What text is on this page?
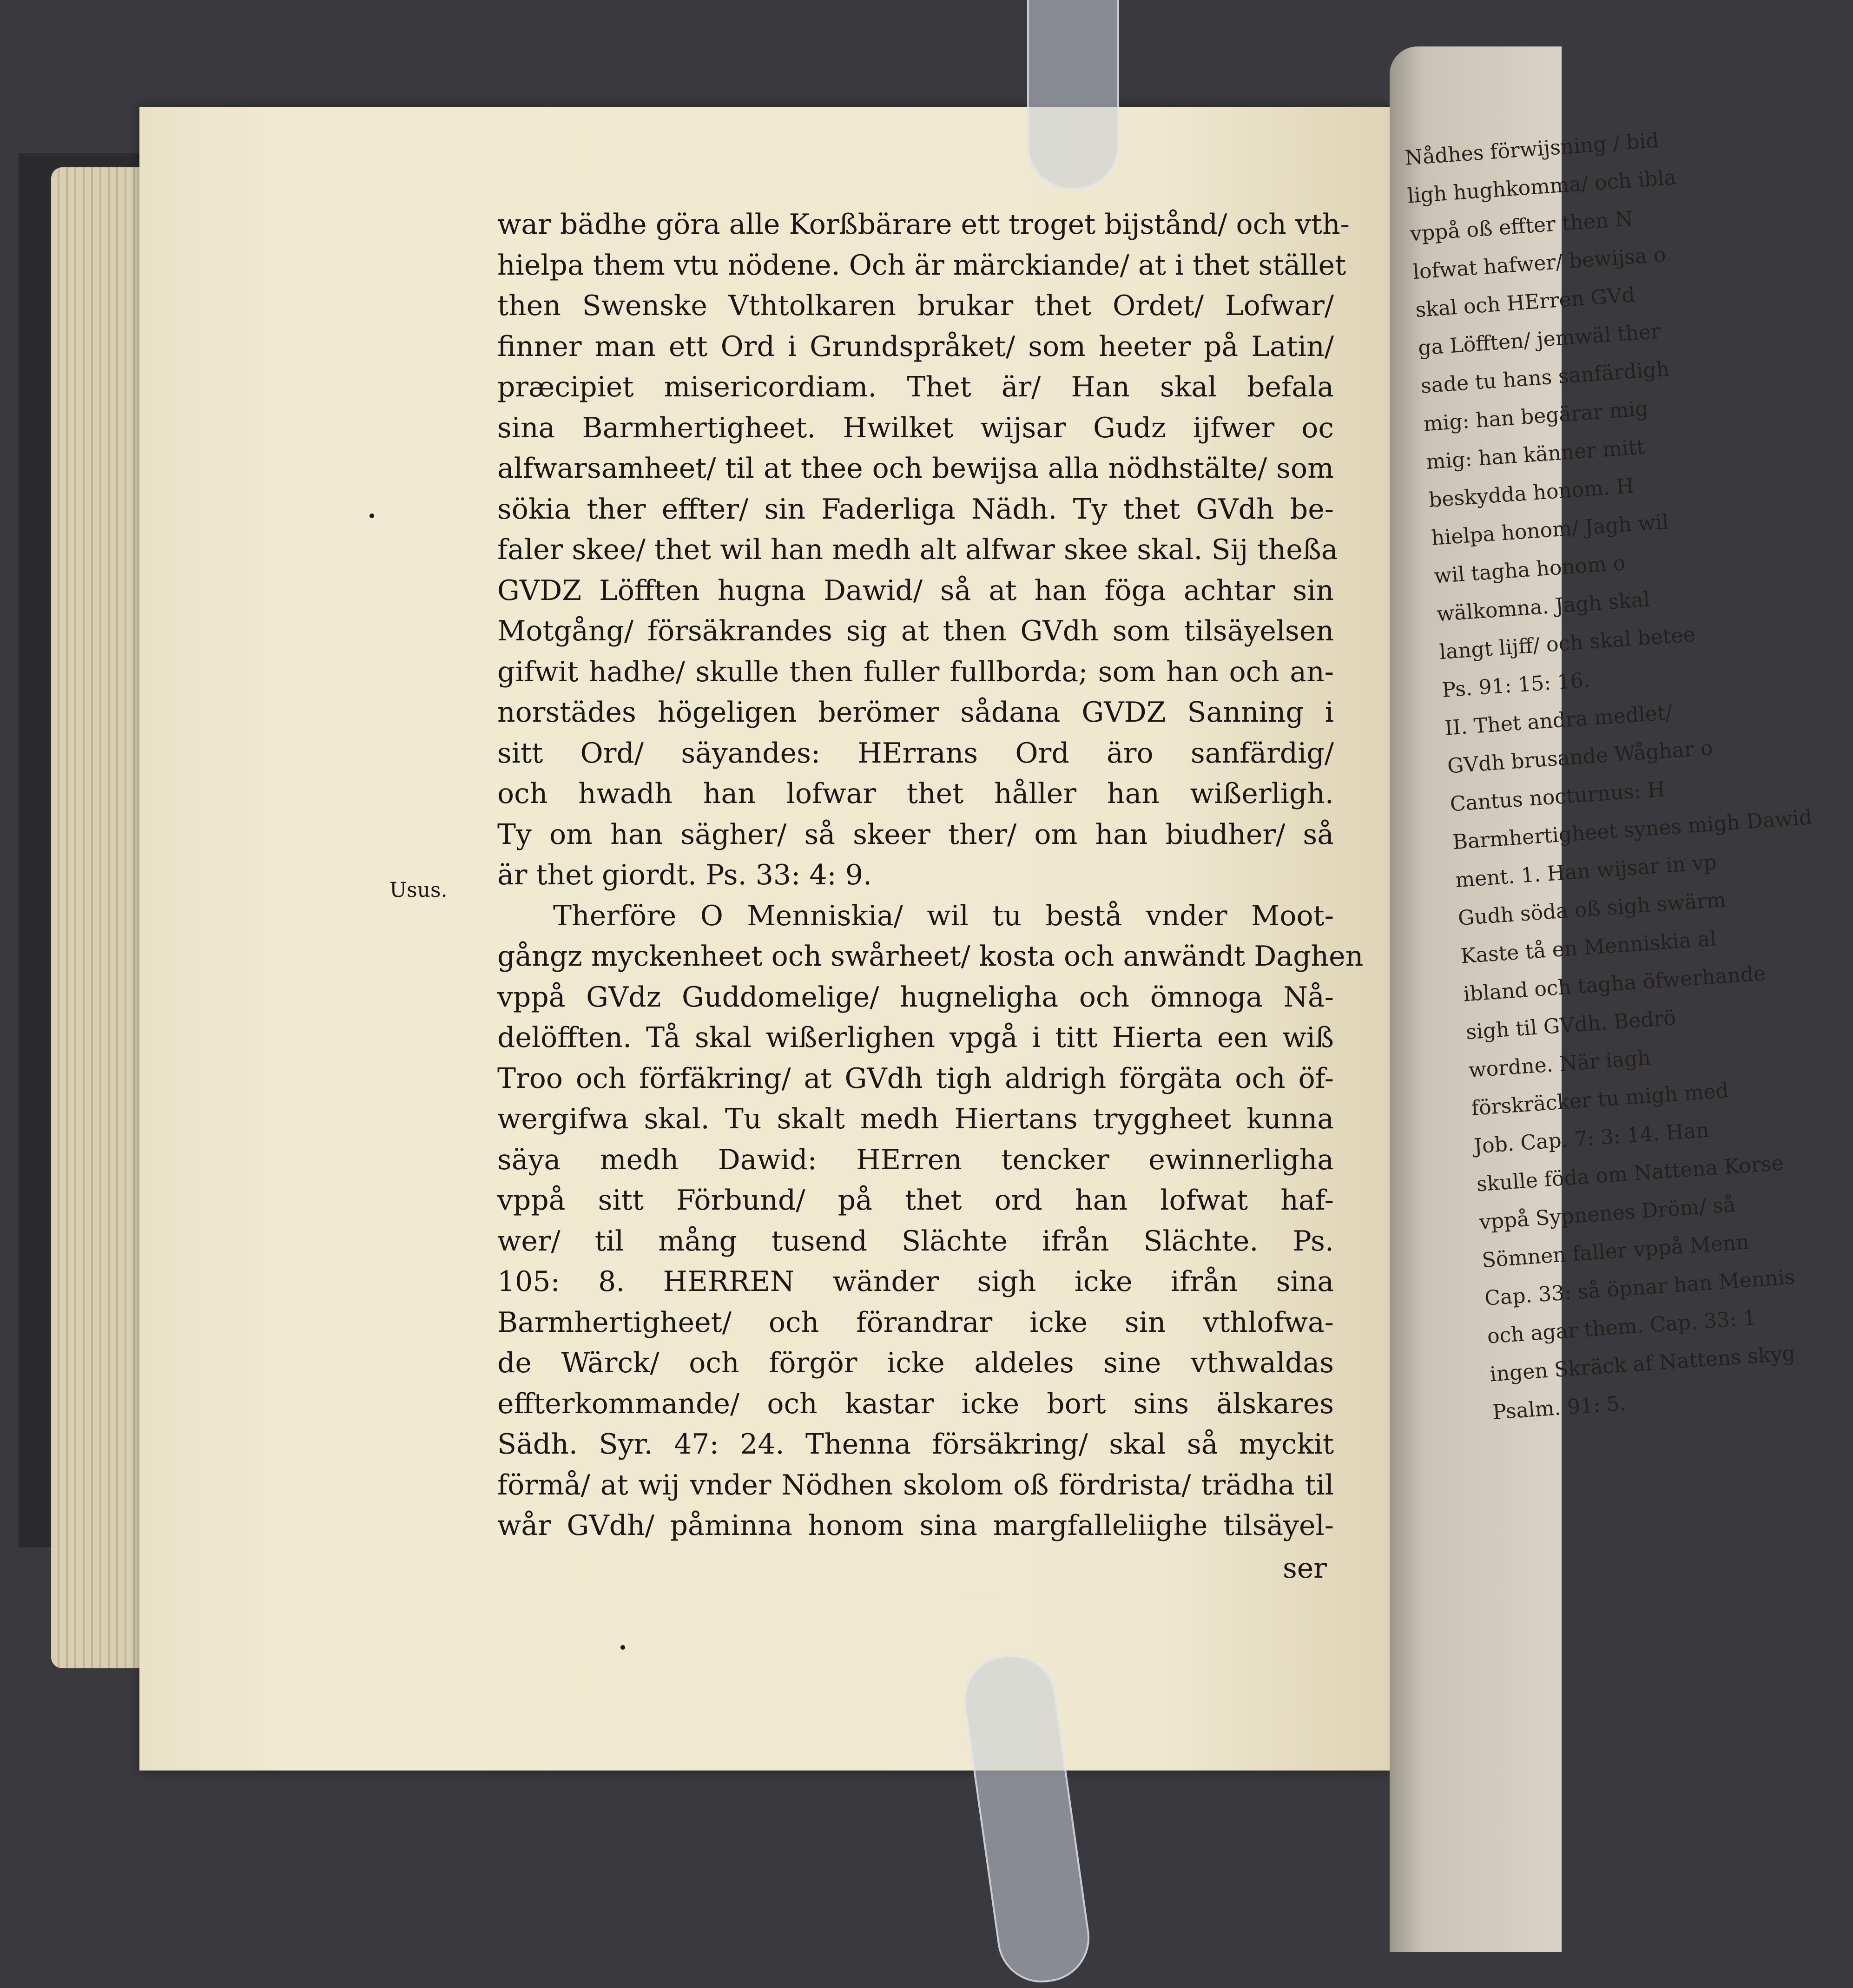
war bädhe göra alle Korßbärare ett troget bijstånd/ och vth-
hielpa them vtu nödene. Och är märckiande/ at i thet stället
then Swenske Vthtolkaren brukar thet Ordet/ Lofwar/
finner man ett Ord i Grundspråket/ som heeter på Latin/
præcipiet misericordiam. Thet är/ Han skal befala
sina Barmhertigheet. Hwilket wijsar Gudz ijfwer oc
alfwarsamheet/ til at thee och bewijsa alla nödhstälte/ som
sökia ther effter/ sin Faderliga Nädh. Ty thet GVdh be-
faler skee/ thet wil han medh alt alfwar skee skal. Sij theßa
GVDZ Löfften hugna Dawid/ så at han föga achtar sin
Motgång/ försäkrandes sig at then GVdh som tilsäyelsen
gifwit hadhe/ skulle then fuller fullborda; som han och an-
norstädes högeligen berömer sådana GVDZ Sanning i
sitt Ord/ säyandes: HErrans Ord äro sanfärdig/
och hwadh han lofwar thet håller han wißerligh.
Ty om han sägher/ så skeer ther/ om han biudher/ så
är thet giordt. Ps. 33: 4: 9.
Therföre O Menniskia/ wil tu bestå vnder Moot-
gångz myckenheet och swårheet/ kosta och anwändt Daghen
vppå GVdz Guddomelige/ hugneligha och ömnoga Nå-
delöfften. Tå skal wißerlighen vpgå i titt Hierta een wiß
Troo och förfäkring/ at GVdh tigh aldrigh förgäta och öf-
wergifwa skal. Tu skalt medh Hiertans tryggheet kunna
säya medh Dawid: HErren tencker ewinnerligha
vppå sitt Förbund/ på thet ord han lofwat haf-
wer/ til mång tusend Slächte ifrån Slächte. Ps.
105: 8. HERREN wänder sigh icke ifrån sina
Barmhertigheet/ och förandrar icke sin vthlofwa-
de Wärck/ och förgör icke aldeles sine vthwaldas
effterkommande/ och kastar icke bort sins älskares
Sädh. Syr. 47: 24. Thenna försäkring/ skal så myckit
förmå/ at wij vnder Nödhen skolom oß fördrista/ trädha til
wår GVdh/ påminna honom sina margfalleliighe tilsäyel-
Usus.
ser
Nådhes förwijsning / bid
ligh hughkomma/ och ibla
vppå oß effter then N
lofwat hafwer/ bewijsa o
skal och HErren GVd
ga Löfften/ jemwäl ther
sade tu hans sanfärdigh
mig: han begärar mig
mig: han känner mitt
beskydda honom. H
hielpa honom/ Jagh wil
wil tagha honom o
wälkomna. Jagh skal
langt lijff/ och skal betee
Ps. 91: 15: 16.
II. Thet andra medlet/
GVdh brusande Wåghar o
Cantus nocturnus: H
Barmhertigheet synes migh Dawid
ment. 1. Han wijsar in vp
Gudh söda oß sigh swärm
Kaste tå en Menniskia al
ibland och tagha öfwerhande
sigh til GVdh. Bedrö
wordne. När iagh
förskräcker tu migh med
Job. Cap. 7: 3: 14. Han
skulle föda om Nattena Korse
vppå Sypnenes Dröm/ så
Sömnen faller vppå Menn
Cap. 33: så öpnar han Mennis
och agar them. Cap. 33: 1
ingen Skräck af Nattens skyg
Psalm. 91: 5.
